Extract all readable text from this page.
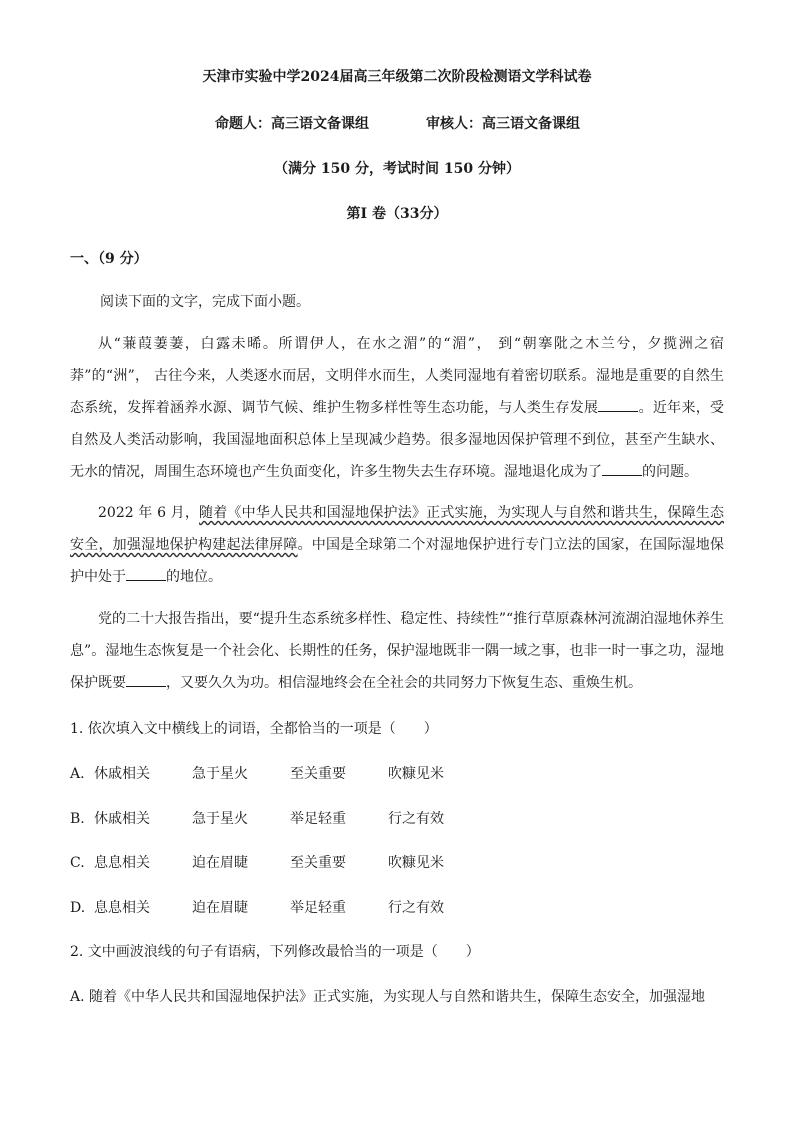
天津市实验中学2024届高三年级第二次阶段检测语文学科试卷
命题人：高三语文备课组	审核人：高三语文备课组
（满分 150 分，考试时间 150 分钟）
第Ⅰ 卷（33分）
一、（9 分）
阅读下面的文字，完成下面小题。

从“蒹葭萋萋，白露未晞。所谓伊人，在水之湄”的“湄”， 到“朝搴阰之木兰兮，夕揽洲之宿莽”的“洲”， 古往今来，人类逐水而居，文明伴水而生，人类同湿地有着密切联系。湿地是重要的自然生态系统，发挥着涵养水源、调节气候、维护生物多样性等生态功能，与人类生存发展	。近年来，受自然及人类活动影响，我国湿地面积总体上呈现减少趋势。很多湿地因保护管理不到位，甚至产生缺水、无水的情况，周围生态环境也产生负面变化，许多生物失去生存环境。湿地退化成为了	的问题。

2022 年 6 月，随着《中华人民共和国湿地保护法》正式实施，为实现人与自然和谐共生，保障生态安全，加强湿地保护构建起法律屏障。中国是全球第二个对湿地保护进行专门立法的国家，在国际湿地保护中处于	的地位。

党的二十大报告指出，要“提升生态系统多样性、稳定性、持续性”“推行草原森林河流湖泊湿地休养生息”。湿地生态恢复是一个社会化、长期性的任务，保护湿地既非一隅一域之事，也非一时一事之功，湿地保护既要	，又要久久为功。相信湿地终会在全社会的共同努力下恢复生态、重焕生机。

1. 依次填入文中横线上的词语，全都恰当的一项是（　　）
A. 休戚相关	急于星火	至关重要	吹糠见米
B. 休戚相关	急于星火	举足轻重	行之有效
C. 息息相关	迫在眉睫	至关重要	吹糠见米
D. 息息相关	迫在眉睫	举足轻重	行之有效
2. 文中画波浪线的句子有语病，下列修改最恰当的一项是（　　）
A. 随着《中华人民共和国湿地保护法》正式实施，为实现人与自然和谐共生，保障生态安全，加强湿地
